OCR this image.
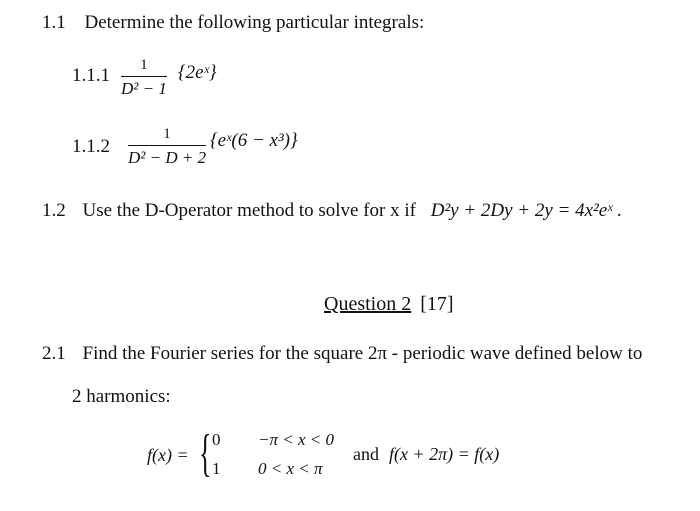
1.1 Determine the following particular integrals:
1.1.1 1
D² − 1
{2eˣ}
1.1.2
1
D² − D + 2
{eˣ(6 − x³)}
1.2 Use the D-Operator method to solve for x if D²y + 2Dy + 2y = 4x²eˣ .
Question 2 [17]
2.1 Find the Fourier series for the square 2π - periodic wave defined below to
2 harmonics:
f(x) = { 0 −π < x < 0
1 0 < x < π
and f(x + 2π) = f(x)
